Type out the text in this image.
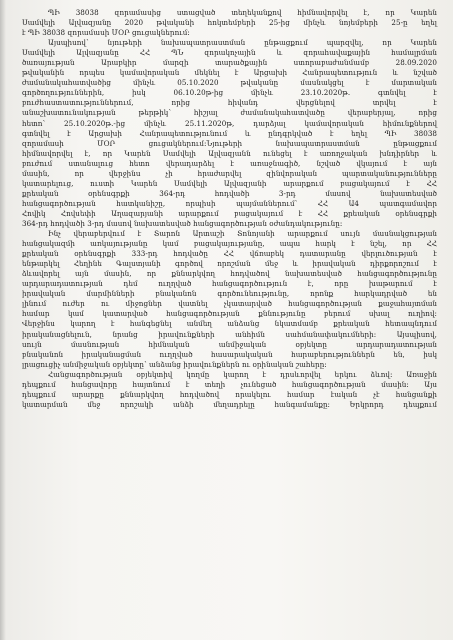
ՊԻ 38038 զորամասից ստացված տեղեկանքով հիմնավորվել է, որ Կարեն
Սամվելի Ալվազյանը 2020 թվականի հոկտեմբերի 25-ից մինչև նոյեմբերի 25-ը եղել
է ՊԻ 38038 զորամասի ՄՕՐ ցուցակներում:

Այսպիսով՝ նյութերի նախապատրաստման ընթացքում պարզվել, որ Կարեն
Սամվելի Ալվազյանը ՀՀ ՊՆ զորակոչային և զորահավաքային համալրման
ծառայության Արաբկիր մարզի տարածքային ստորաբաժանմամբ 28.09.2020
թվականին որպես կամավորական մեկնել է Արցախի Հանրապետություն և նշված
ժամանակահատվածից մինչև 05.10.2020 թվականը մասնակցել է մարտական
գործողություններին, իսկ 06.10.20թ-ից մինչև 23.10.2020թ. գտնվել է
բուժհաստատություններում, որից հիվանդ վերցնելով տրվել է
անաշխատունակության թերթիկ՝ հիշյալ ժամանակահատվածը վերաբերյալ, որից
հետո՝ 25.10.2020թ.-ից մինչև 25.11.2020թ, դարձյալ կամավորական հիմունքներով
գտնվել է Արցախի Հանրապետությունում և ընդգրկված է եղել ՊԻ 38038
զորամասի ՄՕՐ ցուցակներում:Նյութերի նախապատրաստման ընթացքում
հիմնավորվել է, որ Կարեն Սամվելի Ալվազյանն ունեցել է առողջական խնդիրներ և
բուժում ստանալուց հետո վերադարձել է առաջնագիծ, նշված վկայում է այն
մասին, որ վերջինս չի հրաժարվել զինվորական պարտականությունները
կատարելուց, ուստի Կարեն Սամվելի Ալվազյանի արարքում բացակայում է ՀՀ
քրեական օրենսգրքի 364-րդ հոդվածի 3-րդ մասով նախատեսված
հանցագործության հատկանիշը, որպիսի պայմաններում՝ ՀՀ Ա4 պատգամավոր
Հովիկ Հովսեփի Աղազարյանի արարքում բացակայում է ՀՀ քրեական օրենսգրքի
364-րդ հոդվածի 3-րդ մասով նախատեսված հանցագործության օժանդակությունը:

Ինչ վերաբերվում է Տարոն Արտաշի Տոնոյանի արարքում սույն մասնակցության
հանցակազմի առկայությանը կամ բացակայությանը, ապա հարկ է նշել, որ ՀՀ
քրեական օրենսգրքի 333-րդ հոդվածը ՀՀ վճռաբեկ դատարանը վերլուծության է
ենթարկել Հեղինե Գալստյանի գործով որոշման մեջ և իրավական դիրքորոշում է
ձևավորել այն մասին, որ քննարկվող հոդվածով նախատեսված հանցագործությունը
արդարադատության դեմ ուղղված հանցագործություն է, որը խաթարում է
իրավական մարմինների բնականոն գործունեությունը, որոնք հարկադրված են
լինում ուժեր ու միջոցներ վատնել չկատարված հանցագործության քաջահայտման
համար կամ կատարված հանցագործության քննությունը բերում սխալ ուղիով:
Վերջինս կարող է հանգեցնել անմեղ անձանց նկատմամբ քրեական հետապնդում
իրականացնելուն, նրանց իրավունքների անհիմն սահմանափակումների: Այսպիսով,
սույն մասնության հիմնական անմիջական օբյեկտը արդարադատության
բնականոն իրականացման ուղղված հասարակական հարաբերություններն են, իսկ
լրացուցիչ անմիջական օբյեկտը՝ անձանց իրավունքներն ու օրինական շահերը:

Հանցագործության օբյեկտիվ կողմը կարող է դրսևորվել երկու ձևով: Առաջին
դեպքում հանցավորը հայտնում է տեղի չունեցած հանցագործության մասին: Այս
դեպքում արարքը քննարկվող հոդվածով որակելու համար էական չէ հանցանքի
կատարման մեջ որոշակի անձի մեղադրելը հանգամանքը: Երկրորդ դեպքում
